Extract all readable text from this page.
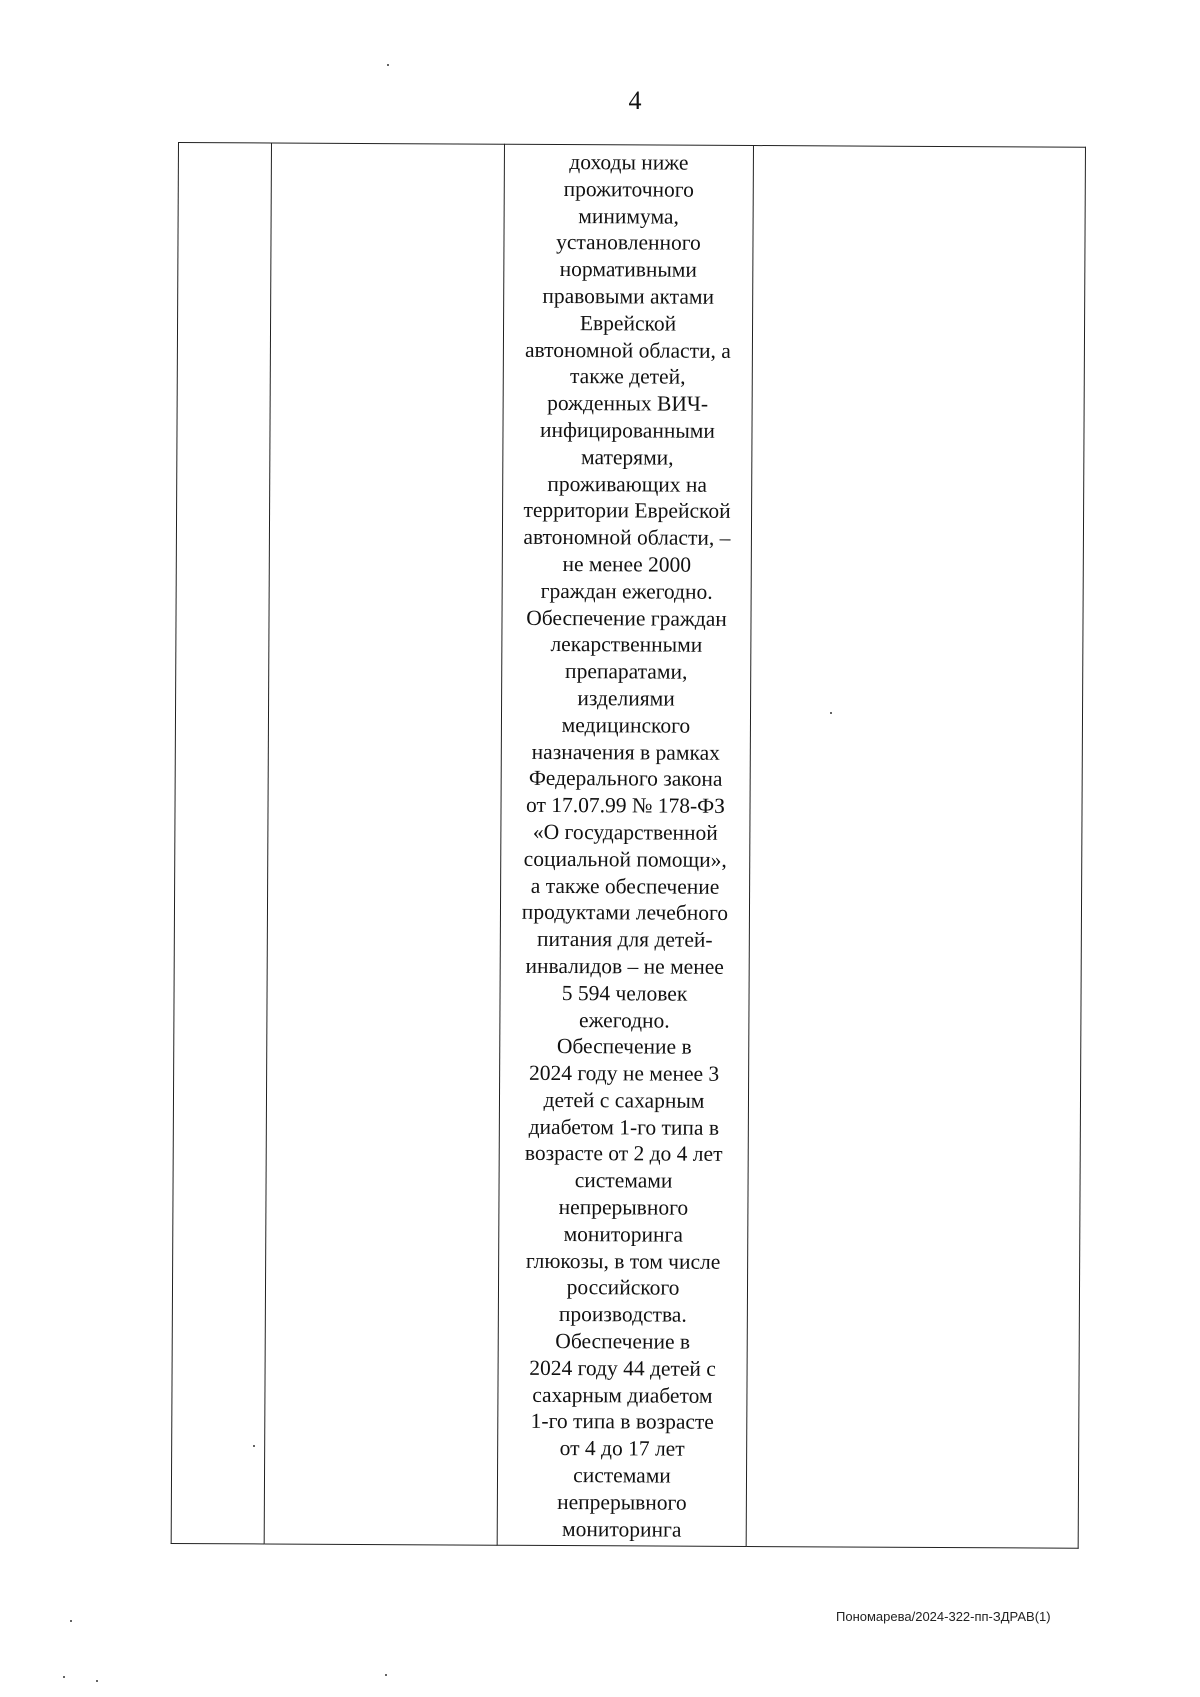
4

доходы ниже
прожиточного
минимума,
установленного
нормативными
правовыми актами
Еврейской
автономной области, а
также детей,
рожденных ВИЧ-
инфицированными
матерями,
проживающих на
территории Еврейской
автономной области, –
не менее 2000
граждан ежегодно.
Обеспечение граждан
лекарственными
препаратами,
изделиями
медицинского
назначения в рамках
Федерального закона
от 17.07.99 № 178-ФЗ
«О государственной
социальной помощи»,
а также обеспечение
продуктами лечебного
питания для детей-
инвалидов – не менее
5 594 человек
ежегодно.
Обеспечение в
2024 году не менее 3
детей с сахарным
диабетом 1-го типа в
возрасте от 2 до 4 лет
системами
непрерывного
мониторинга
глюкозы, в том числе
российского
производства.
Обеспечение в
2024 году 44 детей с
сахарным диабетом
1-го типа в возрасте
от 4 до 17 лет
системами
непрерывного
мониторинга

Пономарева/2024-322-пп-ЗДРАВ(1)
